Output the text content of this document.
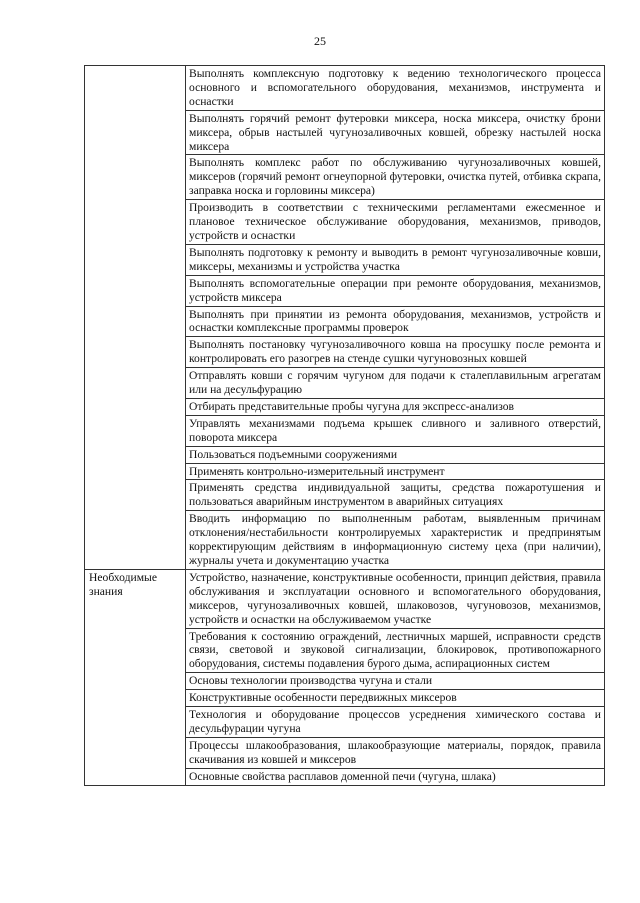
25
	Выполнять комплексную подготовку к ведению технологического процесса основного и вспомогательного оборудования, механизмов, инструмента и оснастки
	Выполнять горячий ремонт футеровки миксера, носка миксера, очистку брони миксера, обрыв настылей чугунозаливочных ковшей, обрезку настылей носка миксера
	Выполнять комплекс работ по обслуживанию чугунозаливочных ковшей, миксеров (горячий ремонт огнеупорной футеровки, очистка путей, отбивка скрапа, заправка носка и горловины миксера)
	Производить в соответствии с техническими регламентами ежесменное и плановое техническое обслуживание оборудования, механизмов, приводов, устройств и оснастки
	Выполнять подготовку к ремонту и выводить в ремонт чугунозаливочные ковши, миксеры, механизмы и устройства участка
	Выполнять вспомогательные операции при ремонте оборудования, механизмов, устройств миксера
	Выполнять при принятии из ремонта оборудования, механизмов, устройств и оснастки комплексные программы проверок
	Выполнять постановку чугунозаливочного ковша на просушку после ремонта и контролировать его разогрев на стенде сушки чугуновозных ковшей
	Отправлять ковши с горячим чугуном для подачи к сталеплавильным агрегатам или на десульфурацию
	Отбирать представительные пробы чугуна для экспресс-анализов
	Управлять механизмами подъема крышек сливного и заливного отверстий, поворота миксера
	Пользоваться подъемными сооружениями
	Применять контрольно-измерительный инструмент
	Применять средства индивидуальной защиты, средства пожаротушения и пользоваться аварийным инструментом в аварийных ситуациях
	Вводить информацию по выполненным работам, выявленным причинам отклонения/нестабильности контролируемых характеристик и предпринятым корректирующим действиям в информационную систему цеха (при наличии), журналы учета и документацию участка
Необходимые знания	Устройство, назначение, конструктивные особенности, принцип действия, правила обслуживания и эксплуатации основного и вспомогательного оборудования, миксеров, чугунозаливочных ковшей, шлаковозов, чугуновозов, механизмов, устройств и оснастки на обслуживаемом участке
	Требования к состоянию ограждений, лестничных маршей, исправности средств связи, световой и звуковой сигнализации, блокировок, противопожарного оборудования, системы подавления бурого дыма, аспирационных систем
	Основы технологии производства чугуна и стали
	Конструктивные особенности передвижных миксеров
	Технология и оборудование процессов усреднения химического состава и десульфурации чугуна
	Процессы шлакообразования, шлакообразующие материалы, порядок, правила скачивания из ковшей и миксеров
	Основные свойства расплавов доменной печи (чугуна, шлака)
